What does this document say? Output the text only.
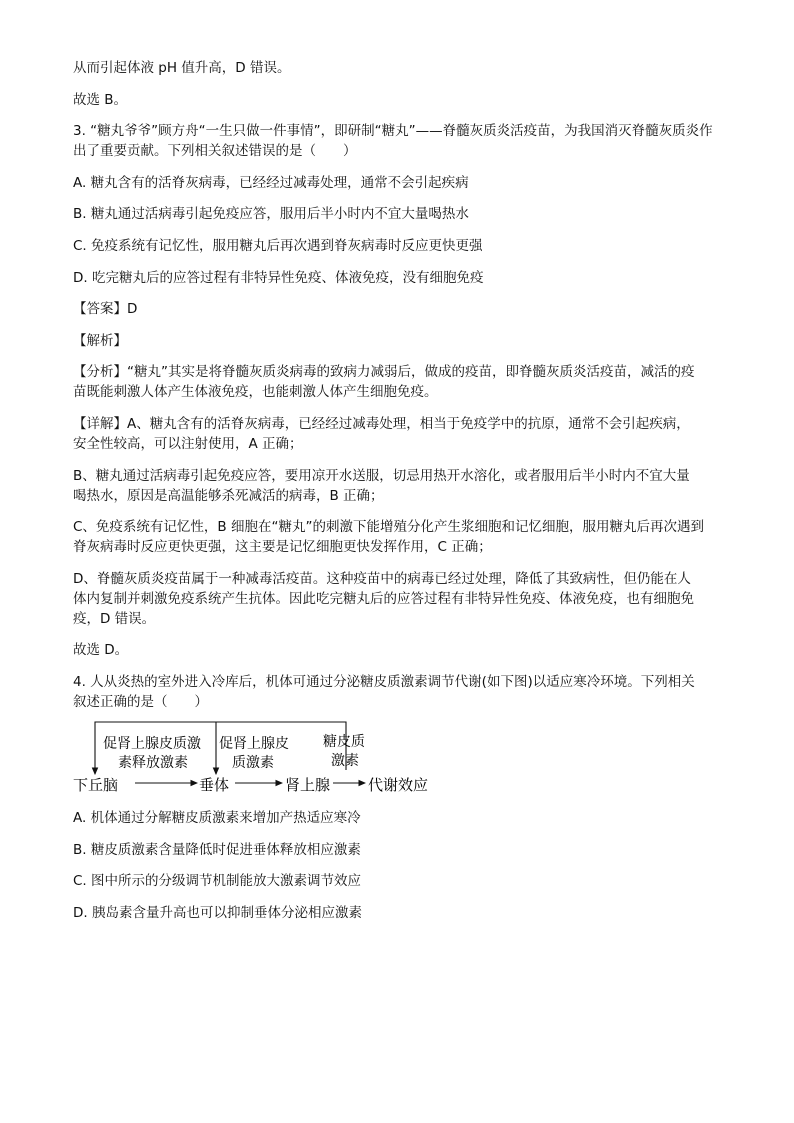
从而引起体液 pH 值升高，D 错误。
故选 B。
3. “糖丸爷爷”顾方舟“一生只做一件事情”，即研制“糖丸”——脊髓灰质炎活疫苗，为我国消灭脊髓灰质炎作
出了重要贡献。下列相关叙述错误的是（　　）
A. 糖丸含有的活脊灰病毒，已经经过减毒处理，通常不会引起疾病
B. 糖丸通过活病毒引起免疫应答，服用后半小时内不宜大量喝热水
C. 免疫系统有记忆性，服用糖丸后再次遇到脊灰病毒时反应更快更强
D. 吃完糖丸后的应答过程有非特异性免疫、体液免疫，没有细胞免疫
【答案】D
【解析】
【分析】“糖丸”其实是将脊髓灰质炎病毒的致病力减弱后，做成的疫苗，即脊髓灰质炎活疫苗，减活的疫
苗既能刺激人体产生体液免疫，也能刺激人体产生细胞免疫。
【详解】A、糖丸含有的活脊灰病毒，已经经过减毒处理，相当于免疫学中的抗原，通常不会引起疾病，
安全性较高，可以注射使用，A 正确；
B、糖丸通过活病毒引起免疫应答，要用凉开水送服，切忌用热开水溶化，或者服用后半小时内不宜大量
喝热水，原因是高温能够杀死减活的病毒，B 正确；
C、免疫系统有记忆性，B 细胞在“糖丸”的刺激下能增殖分化产生浆细胞和记忆细胞，服用糖丸后再次遇到
脊灰病毒时反应更快更强，这主要是记忆细胞更快发挥作用，C 正确；
D、脊髓灰质炎疫苗属于一种减毒活疫苗。这种疫苗中的病毒已经过处理，降低了其致病性，但仍能在人
体内复制并刺激免疫系统产生抗体。因此吃完糖丸后的应答过程有非特异性免疫、体液免疫，也有细胞免
疫，D 错误。
故选 D。
4. 人从炎热的室外进入冷库后，机体可通过分泌糖皮质激素调节代谢(如下图)以适应寒冷环境。下列相关
叙述正确的是（　　）
促肾上腺皮质激
素释放激素
促肾上腺皮
质激素
糖皮质
激素
下丘脑	垂体	肾上腺	代谢效应
A. 机体通过分解糖皮质激素来增加产热适应寒冷
B. 糖皮质激素含量降低时促进垂体释放相应激素
C. 图中所示的分级调节机制能放大激素调节效应
D. 胰岛素含量升高也可以抑制垂体分泌相应激素
